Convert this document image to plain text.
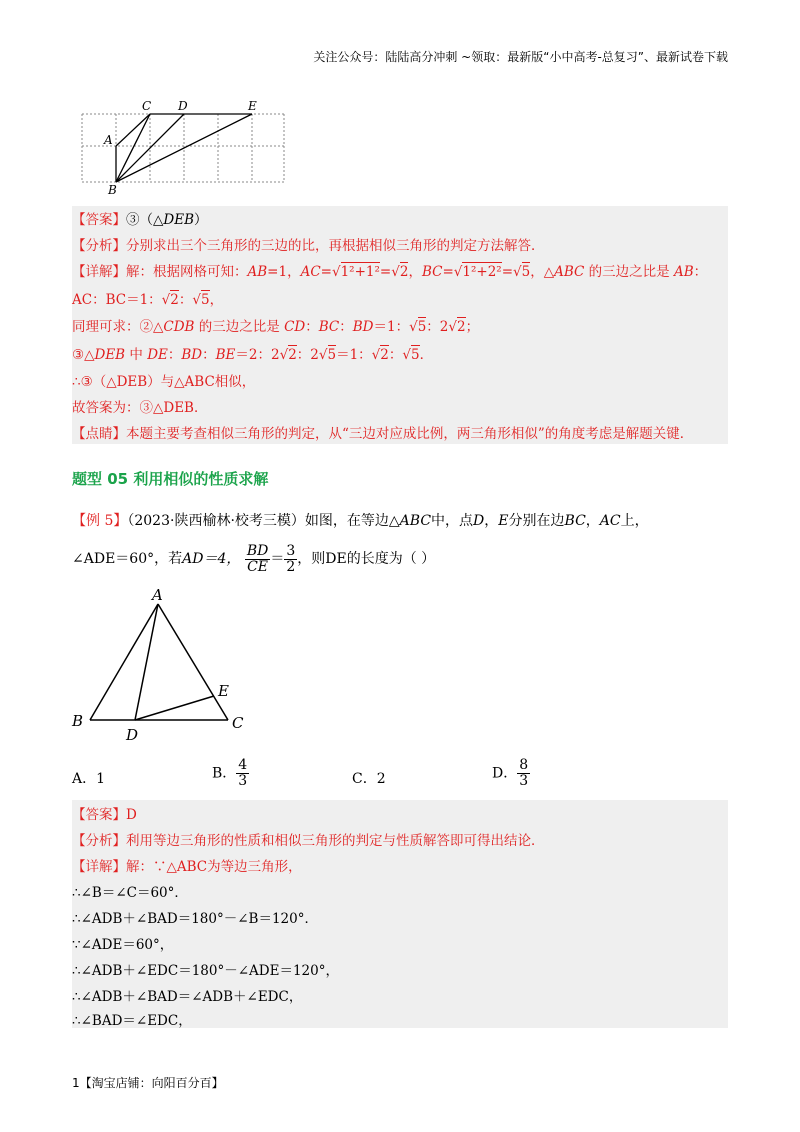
关注公众号：陆陆高分冲刺 ~领取：最新版“小中高考-总复习”、最新试卷下载
A
B
C D	E
【答案】③（△DEB）
【分析】分别求出三个三角形的三边的比，再根据相似三角形的判定方法解答．
【详解】解：根据网格可知：AB=1，AC=√1²+1²=√2，BC=√1²+2²=√5，△ABC 的三边之比是 AB：
AC：BC＝1：√2：√5，
同理可求：②△CDB 的三边之比是 CD：BC：BD＝1：√5：2√2；
③△DEB 中 DE：BD：BE＝2：2√2：2√5＝1：√2：√5．
∴③（△DEB）与△ABC相似，
故答案为：③△DEB．
【点睛】本题主要考查相似三角形的判定，从“三边对应成比例，两三角形相似”的角度考虑是解题关键．
题型 05 利用相似的性质求解
【例 5】（2023·陕西榆林·校考三模）如图，在等边△ABC中，点D，E分别在边BC，AC上，
∠ADE＝60°，若AD＝4， $\frac{BD}{CE} = \frac{3}{2}$ ，则DE的长度为（ ）
A
B	C
D
E
A．1	B． $\frac{4}{3}$	C．2	D． $\frac{8}{3}$
【答案】D
【分析】利用等边三角形的性质和相似三角形的判定与性质解答即可得出结论．
【详解】解：∵△ABC为等边三角形，
∴∠B＝∠C＝60°．
∴∠ADB＋∠BAD＝180°－∠B＝120°．
∵∠ADE＝60°，
∴∠ADB＋∠EDC＝180°－∠ADE＝120°，
∴∠ADB＋∠BAD＝∠ADB＋∠EDC，
∴∠BAD＝∠EDC，
1【淘宝店铺：向阳百分百】
